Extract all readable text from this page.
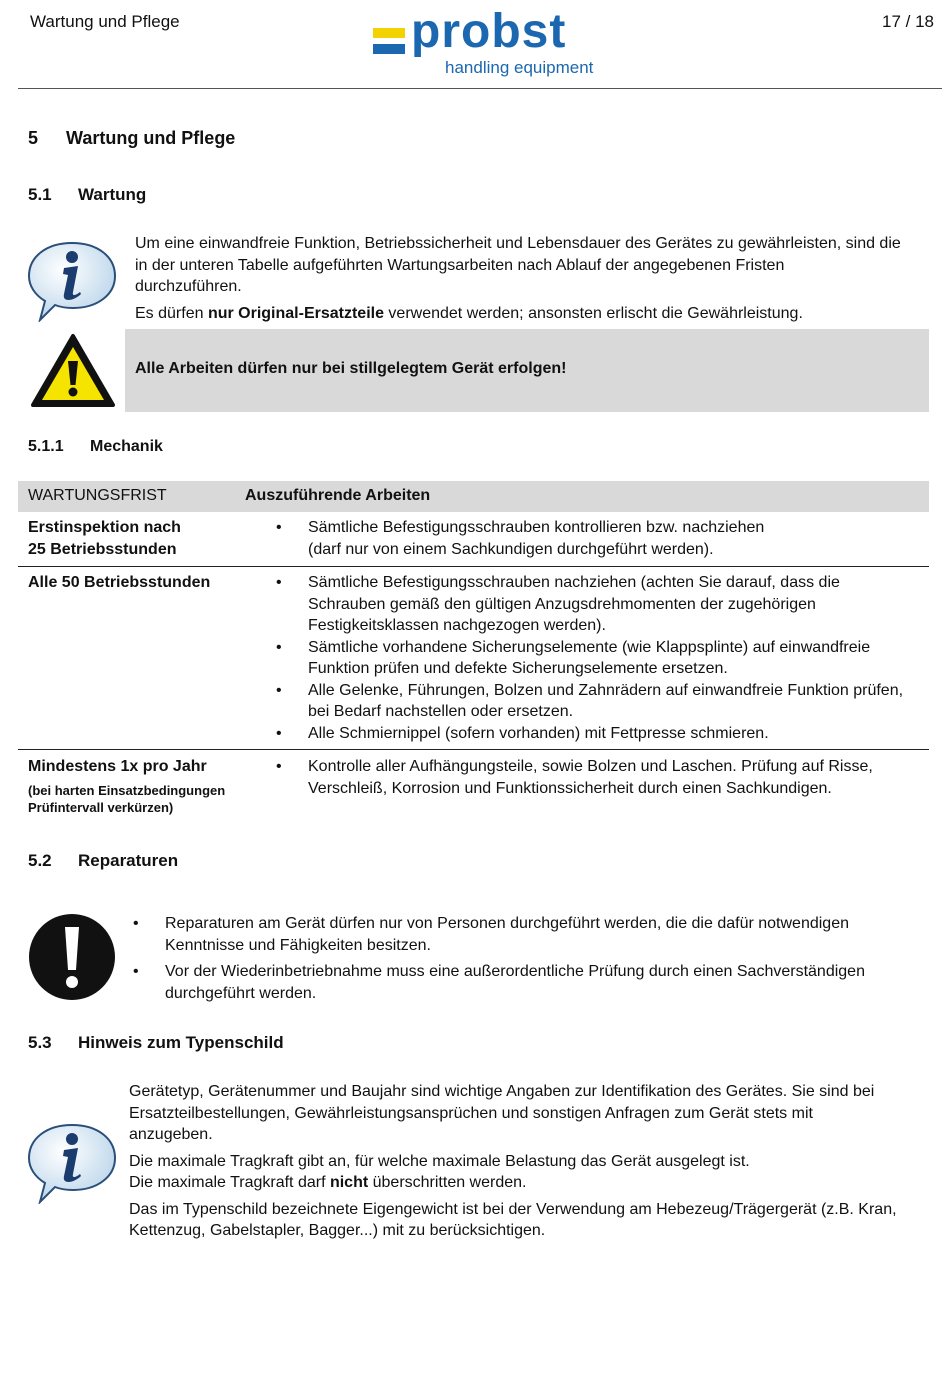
Wartung und Pflege	17 / 18
probst
handling equipment
5 Wartung und Pflege
5.1 Wartung
Um eine einwandfreie Funktion, Betriebssicherheit und Lebensdauer des Gerätes zu gewährleisten, sind die
in der unteren Tabelle aufgeführten Wartungsarbeiten nach Ablauf der angegebenen Fristen
durchzuführen.
Es dürfen nur Original-Ersatzteile verwendet werden; ansonsten erlischt die Gewährleistung.
Alle Arbeiten dürfen nur bei stillgelegtem Gerät erfolgen!
5.1.1 Mechanik
WARTUNGSFRIST	Auszuführende Arbeiten
Erstinspektion nach
25 Betriebsstunden
• Sämtliche Befestigungsschrauben kontrollieren bzw. nachziehen
(darf nur von einem Sachkundigen durchgeführt werden).
Alle 50 Betriebsstunden
•	Sämtliche Befestigungsschrauben nachziehen (achten Sie darauf, dass die
Schrauben gemäß den gültigen Anzugsdrehmomenten der zugehörigen
Festigkeitsklassen nachgezogen werden).
• Sämtliche vorhandene Sicherungselemente (wie Klappsplinte) auf einwandfreie
Funktion prüfen und defekte Sicherungselemente ersetzen.
• Alle Gelenke, Führungen, Bolzen und Zahnrädern auf einwandfreie Funktion prüfen,
bei Bedarf nachstellen oder ersetzen.
• Alle Schmiernippel (sofern vorhanden) mit Fettpresse schmieren.
Mindestens 1x pro Jahr
(bei harten Einsatzbedingungen
Prüfintervall verkürzen)
• Kontrolle aller Aufhängungsteile, sowie Bolzen und Laschen. Prüfung auf Risse,
Verschleiß, Korrosion und Funktionssicherheit durch einen Sachkundigen.
5.2 Reparaturen
• Reparaturen am Gerät dürfen nur von Personen durchgeführt werden, die die dafür notwendigen
Kenntnisse und Fähigkeiten besitzen.
• Vor der Wiederinbetriebnahme muss eine außerordentliche Prüfung durch einen Sachverständigen
durchgeführt werden.
5.3 Hinweis zum Typenschild
Gerätetyp, Gerätenummer und Baujahr sind wichtige Angaben zur Identifikation des Gerätes. Sie sind bei
Ersatzteilbestellungen, Gewährleistungsansprüchen und sonstigen Anfragen zum Gerät stets mit
anzugeben.
Die maximale Tragkraft gibt an, für welche maximale Belastung das Gerät ausgelegt ist.
Die maximale Tragkraft darf nicht überschritten werden.
Das im Typenschild bezeichnete Eigengewicht ist bei der Verwendung am Hebezeug/Trägergerät (z.B. Kran,
Kettenzug, Gabelstapler, Bagger...) mit zu berücksichtigen.
